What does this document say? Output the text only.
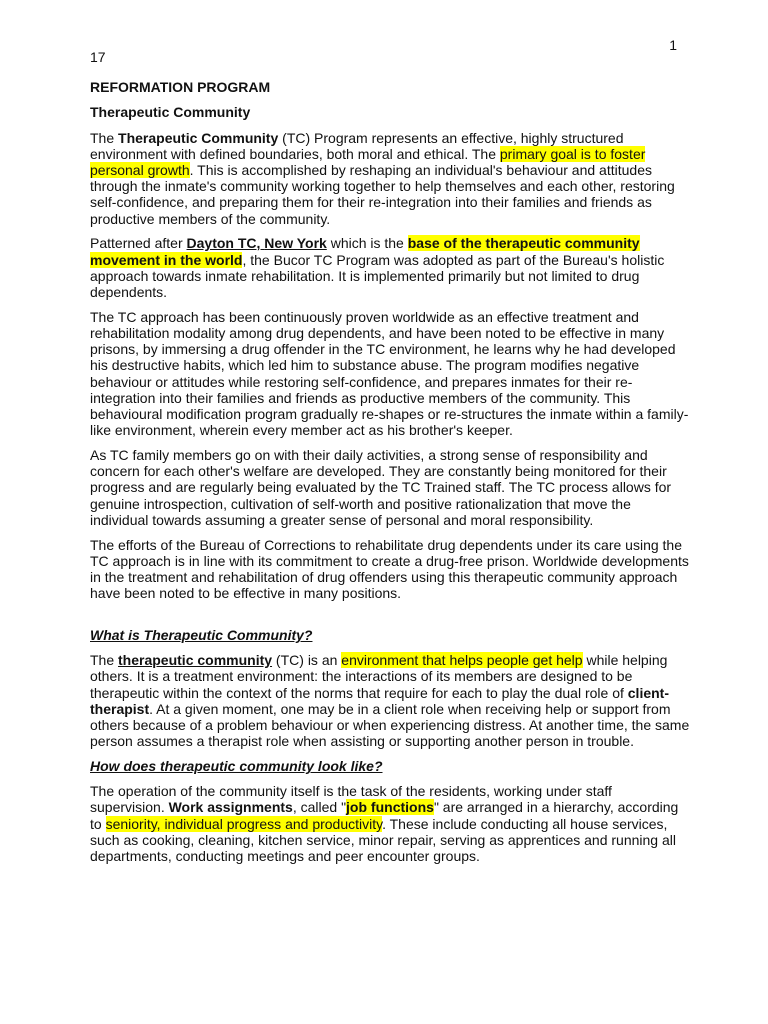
1
17
REFORMATION PROGRAM
Therapeutic Community

The Therapeutic Community (TC) Program represents an effective, highly structured environment with defined boundaries, both moral and ethical. The primary goal is to foster personal growth. This is accomplished by reshaping an individual's behaviour and attitudes through the inmate's community working together to help themselves and each other, restoring self-confidence, and preparing them for their re-integration into their families and friends as productive members of the community.

Patterned after Dayton TC, New York which is the base of the therapeutic community movement in the world, the Bucor TC Program was adopted as part of the Bureau's holistic approach towards inmate rehabilitation. It is implemented primarily but not limited to drug dependents.

The TC approach has been continuously proven worldwide as an effective treatment and rehabilitation modality among drug dependents, and have been noted to be effective in many prisons, by immersing a drug offender in the TC environment, he learns why he had developed his destructive habits, which led him to substance abuse. The program modifies negative behaviour or attitudes while restoring self-confidence, and prepares inmates for their re-integration into their families and friends as productive members of the community. This behavioural modification program gradually re-shapes or re-structures the inmate within a family-like environment, wherein every member act as his brother's keeper.

As TC family members go on with their daily activities, a strong sense of responsibility and concern for each other's welfare are developed. They are constantly being monitored for their progress and are regularly being evaluated by the TC Trained staff. The TC process allows for genuine introspection, cultivation of self-worth and positive rationalization that move the individual towards assuming a greater sense of personal and moral responsibility.

The efforts of the Bureau of Corrections to rehabilitate drug dependents under its care using the TC approach is in line with its commitment to create a drug-free prison. Worldwide developments in the treatment and rehabilitation of drug offenders using this therapeutic community approach have been noted to be effective in many positions.

What is Therapeutic Community?

The therapeutic community (TC) is an environment that helps people get help while helping others. It is a treatment environment: the interactions of its members are designed to be therapeutic within the context of the norms that require for each to play the dual role of client-therapist. At a given moment, one may be in a client role when receiving help or support from others because of a problem behaviour or when experiencing distress. At another time, the same person assumes a therapist role when assisting or supporting another person in trouble.

How does therapeutic community look like?

The operation of the community itself is the task of the residents, working under staff supervision. Work assignments, called "job functions" are arranged in a hierarchy, according to seniority, individual progress and productivity. These include conducting all house services, such as cooking, cleaning, kitchen service, minor repair, serving as apprentices and running all departments, conducting meetings and peer encounter groups.
